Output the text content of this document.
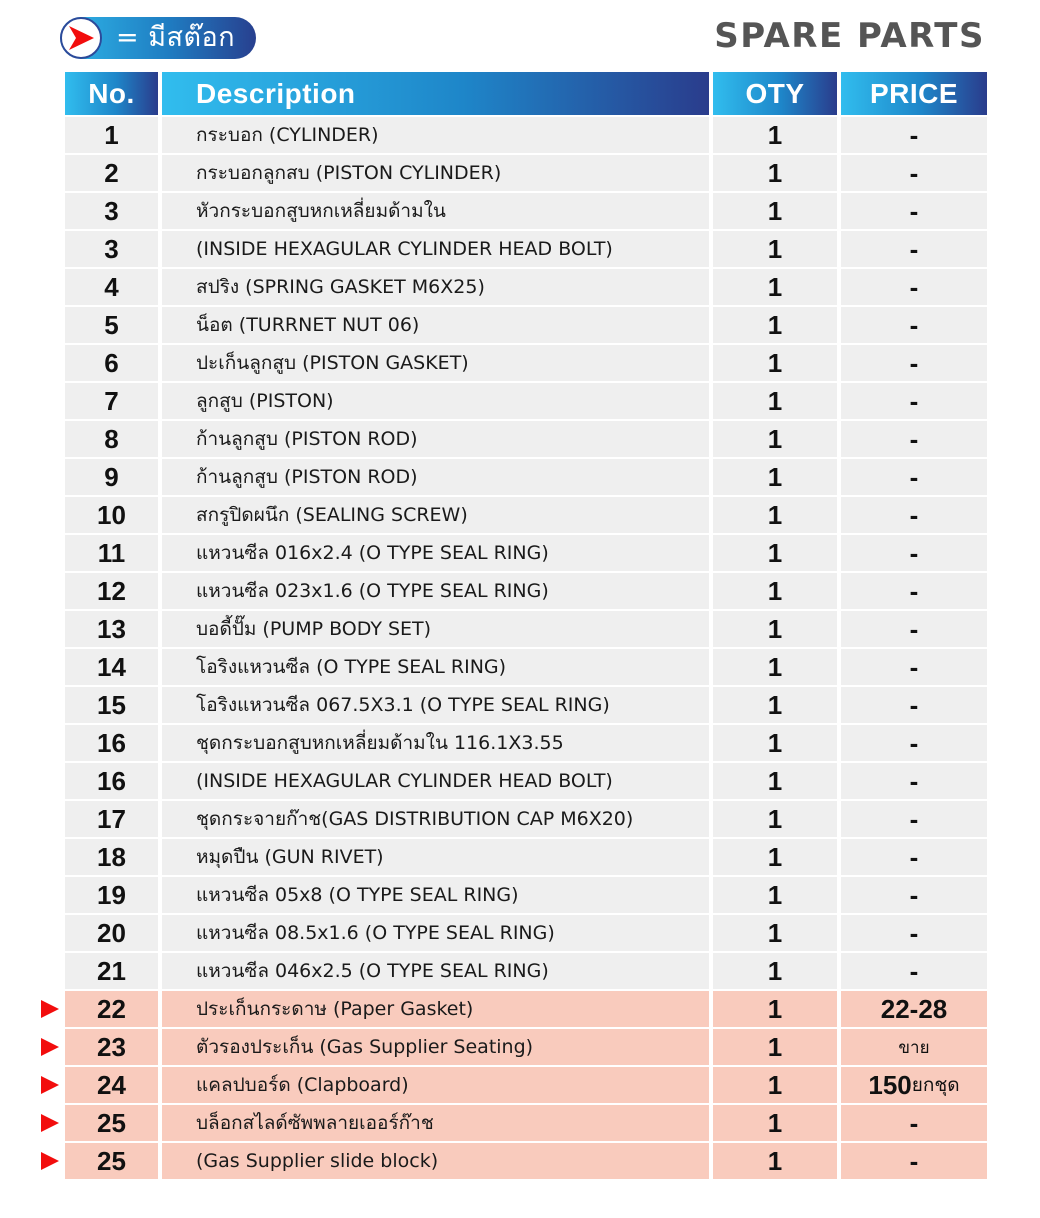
= มีสต๊อก	SPARE PARTS
No.	Description	OTY	PRICE
1	กระบอก (CYLINDER)	1	-
2	กระบอกลูกสบ (PISTON CYLINDER)	1	-
3	หัวกระบอกสูบหกเหลี่ยมด้ามใน	1	-
3	(INSIDE HEXAGULAR CYLINDER HEAD BOLT)	1	-
4	สปริง (SPRING GASKET M6X25)	1	-
5	น็อต (TURRNET NUT 06)	1	-
6	ปะเก็นลูกสูบ (PISTON GASKET)	1	-
7	ลูกสูบ (PISTON)	1	-
8	ก้านลูกสูบ (PISTON ROD)	1	-
9	ก้านลูกสูบ (PISTON ROD)	1	-
10	สกรูปิดผนึก (SEALING SCREW)	1	-
11	แหวนซีล 016x2.4 (O TYPE SEAL RING)	1	-
12	แหวนซีล 023x1.6 (O TYPE SEAL RING)	1	-
13	บอดี้ปั๊ม (PUMP BODY SET)	1	-
14	โอริงแหวนซีล (O TYPE SEAL RING)	1	-
15	โอริงแหวนซีล 067.5X3.1 (O TYPE SEAL RING)	1	-
16	ชุดกระบอกสูบหกเหลี่ยมด้ามใน 116.1X3.55	1	-
16	(INSIDE HEXAGULAR CYLINDER HEAD BOLT)	1	-
17	ชุดกระจายก๊าช(GAS DISTRIBUTION CAP M6X20)	1	-
18	หมุดปืน (GUN RIVET)	1	-
19	แหวนซีล 05x8 (O TYPE SEAL RING)	1	-
20	แหวนซีล 08.5x1.6 (O TYPE SEAL RING)	1	-
21	แหวนซีล 046x2.5 (O TYPE SEAL RING)	1	-
22	ประเก็นกระดาษ (Paper Gasket)	1	22-28
23	ตัวรองประเก็น (Gas Supplier Seating)	1	ขาย
24	แคลปบอร์ด (Clapboard)	1	150 ยกชุด
25	บล็อกสไลด์ซัพพลายเออร์ก๊าช	1	-
25	(Gas Supplier slide block)	1	-
